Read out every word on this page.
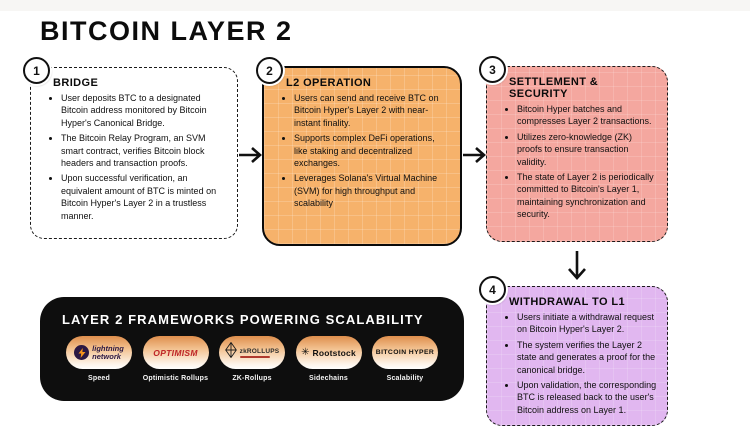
BITCOIN LAYER 2
1
BRIDGE
• User deposits BTC to a designated Bitcoin address monitored by Bitcoin Hyper's Canonical Bridge.
• The Bitcoin Relay Program, an SVM smart contract, verifies Bitcoin block headers and transaction proofs.
• Upon successful verification, an equivalent amount of BTC is minted on Bitcoin Hyper's Layer 2 in a trustless manner.
2
L2 OPERATION
• Users can send and receive BTC on Bitcoin Hyper's Layer 2 with near-instant finality.
• Supports complex DeFi operations, like staking and decentralized exchanges.
• Leverages Solana's Virtual Machine (SVM) for high throughput and scalability
3
SETTLEMENT & SECURITY
• Bitcoin Hyper batches and compresses Layer 2 transactions.
• Utilizes zero-knowledge (ZK) proofs to ensure transaction validity.
• The state of Layer 2 is periodically committed to Bitcoin's Layer 1, maintaining synchronization and security.
4
WITHDRAWAL TO L1
• Users initiate a withdrawal request on Bitcoin Hyper's Layer 2.
• The system verifies the Layer 2 state and generates a proof for the canonical bridge.
• Upon validation, the corresponding BTC is released back to the user's Bitcoin address on Layer 1.
LAYER 2 FRAMEWORKS POWERING SCALABILITY
lightning
network
Speed
OPTIMISM
Optimistic Rollups
zkROLLUPS
ZK-Rollups
✳ Rootstock
Sidechains
BITCOIN HYPER
Scalability
